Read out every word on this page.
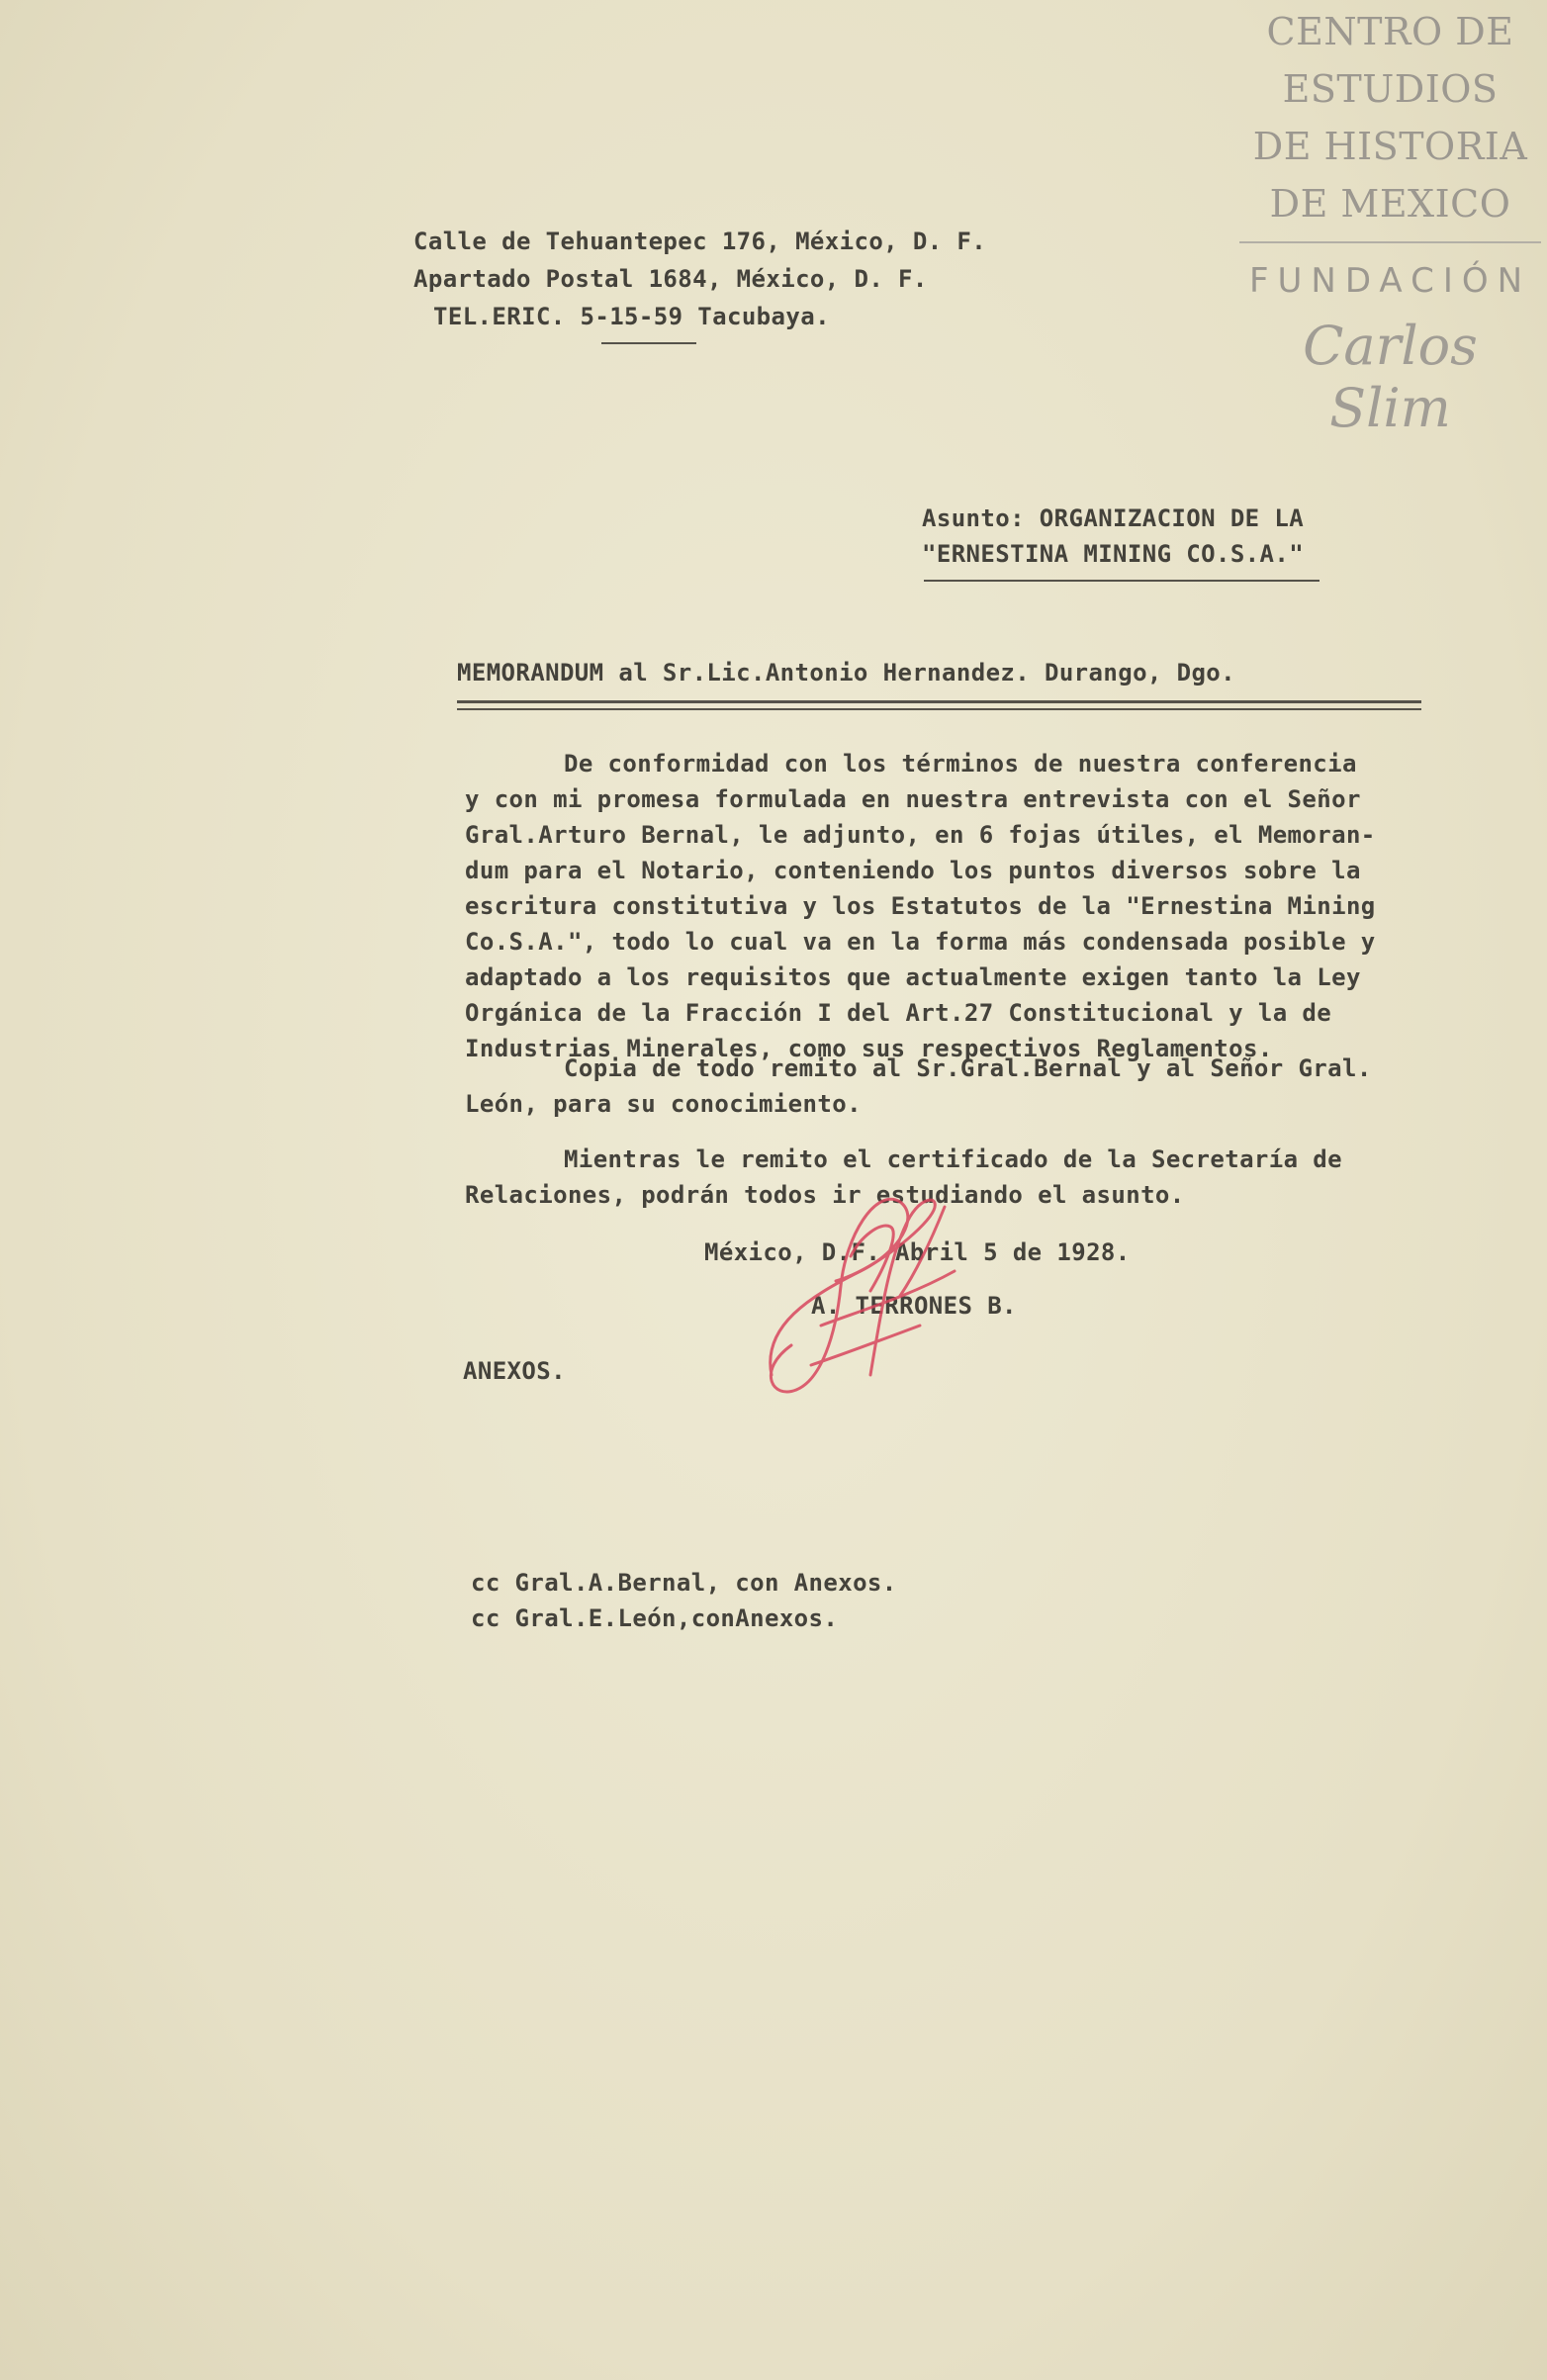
CENTRO DE
ESTUDIOS
DE HISTORIA
DE MEXICO
FUNDACIÓN
Carlos Slim
Calle de Tehuantepec 176, México, D. F.
Apartado Postal 1684, México, D. F.
TEL.ERIC. 5-15-59 Tacubaya.
Asunto: ORGANIZACION DE LA
"ERNESTINA MINING CO.S.A."
MEMORANDUM al Sr.Lic.Antonio Hernandez. Durango, Dgo.
De conformidad con los términos de nuestra conferencia
y con mi promesa formulada en nuestra entrevista con el Señor
Gral.Arturo Bernal, le adjunto, en 6 fojas útiles, el Memoran-
dum para el Notario, conteniendo los puntos diversos sobre la
escritura constitutiva y los Estatutos de la "Ernestina Mining
Co.S.A.", todo lo cual va en la forma más condensada posible y
adaptado a los requisitos que actualmente exigen tanto la Ley
Orgánica de la Fracción I del Art.27 Constitucional y la de
Industrias Minerales, como sus respectivos Reglamentos.
Copia de todo remito al Sr.Gral.Bernal y al Señor Gral.
León, para su conocimiento.
Mientras le remito el certificado de la Secretaría de
Relaciones, podrán todos ir estudiando el asunto.
México, D.F. Abril 5 de 1928.
A. TERRONES B.
ANEXOS.
cc Gral.A.Bernal, con Anexos.
cc Gral.E.León,conAnexos.
